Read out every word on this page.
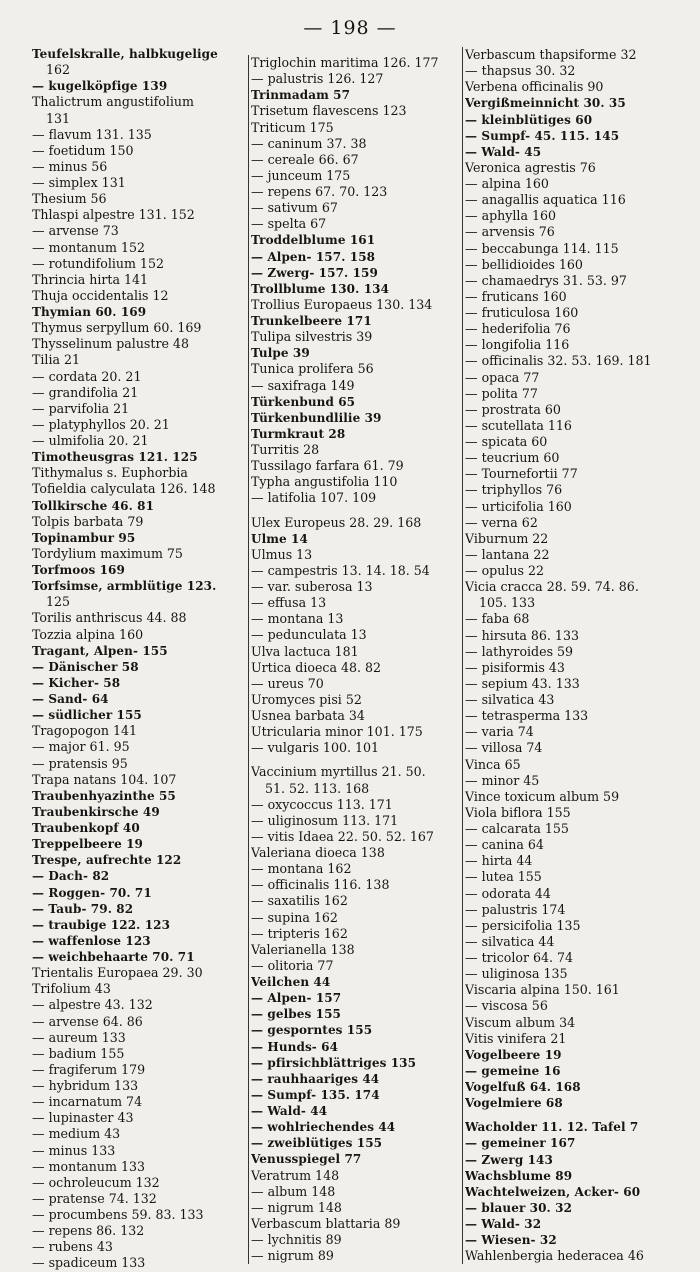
— 198 —
Teufelskralle, halbkugelige
162
— kugelköpfige 139
Thalictrum angustifolium
131
— flavum 131. 135
— foetidum 150
— minus 56
— simplex 131
Thesium 56
Thlaspi alpestre 131. 152
— arvense 73
— montanum 152
— rotundifolium 152
Thrincia hirta 141
Thuja occidentalis 12
Thymian 60. 169
Thymus serpyllum 60. 169
Thysselinum palustre 48
Tilia 21
— cordata 20. 21
— grandifolia 21
— parvifolia 21
— platyphyllos 20. 21
— ulmifolia 20. 21
Timotheusgras 121. 125
Tithymalus s. Euphorbia
Tofieldia calyculata 126. 148
Tollkirsche 46. 81
Tolpis barbata 79
Topinambur 95
Tordylium maximum 75
Torfmoos 169
Torfsimse, armblütige 123.
125
Torilis anthriscus 44. 88
Tozzia alpina 160
Tragant, Alpen- 155
— Dänischer 58
— Kicher- 58
— Sand- 64
— südlicher 155
Tragopogon 141
— major 61. 95
— pratensis 95
Trapa natans 104. 107
Traubenhyazinthe 55
Traubenkirsche 49
Traubenkopf 40
Treppelbeere 19
Trespe, aufrechte 122
— Dach- 82
— Roggen- 70. 71
— Taub- 79. 82
— traubige 122. 123
— waffenlose 123
— weichbehaarte 70. 71
Trientalis Europaea 29. 30
Trifolium 43
— alpestre 43. 132
— arvense 64. 86
— aureum 133
— badium 155
— fragiferum 179
— hybridum 133
— incarnatum 74
— lupinaster 43
— medium 43
— minus 133
— montanum 133
— ochroleucum 132
— pratense 74. 132
— procumbens 59. 83. 133
— repens 86. 132
— rubens 43
— spadiceum 133
Triglochin maritima 126. 177
— palustris 126. 127
Trinmadam 57
Trisetum flavescens 123
Triticum 175
— caninum 37. 38
— cereale 66. 67
— junceum 175
— repens 67. 70. 123
— sativum 67
— spelta 67
Troddelblume 161
— Alpen- 157. 158
— Zwerg- 157. 159
Trollblume 130. 134
Trollius Europaeus 130. 134
Trunkelbeere 171
Tulipa silvestris 39
Tulpe 39
Tunica prolifera 56
— saxifraga 149
Türkenbund 65
Türkenbundlilie 39
Turmkraut 28
Turritis 28
Tussilago farfara 61. 79
Typha angustifolia 110
— latifolia 107. 109
Ulex Europeus 28. 29. 168
Ulme 14
Ulmus 13
— campestris 13. 14. 18. 54
— var. suberosa 13
— effusa 13
— montana 13
— pedunculata 13
Ulva lactuca 181
Urtica dioeca 48. 82
— ureus 70
Uromyces pisi 52
Usnea barbata 34
Utricularia minor 101. 175
— vulgaris 100. 101
Vaccinium myrtillus 21. 50.
51. 52. 113. 168
— oxycoccus 113. 171
— uliginosum 113. 171
— vitis Idaea 22. 50. 52. 167
Valeriana dioeca 138
— montana 162
— officinalis 116. 138
— saxatilis 162
— supina 162
— tripteris 162
Valerianella 138
— olitoria 77
Veilchen 44
— Alpen- 157
— gelbes 155
— gesporntes 155
— Hunds- 64
— pfirsichblättriges 135
— rauhhaariges 44
— Sumpf- 135. 174
— Wald- 44
— wohlriechendes 44
— zweiblütiges 155
Venusspiegel 77
Veratrum 148
— album 148
— nigrum 148
Verbascum blattaria 89
— lychnitis 89
— nigrum 89
Verbascum thapsiforme 32
— thapsus 30. 32
Verbena officinalis 90
Vergißmeinnicht 30. 35
— kleinblütiges 60
— Sumpf- 45. 115. 145
— Wald- 45
Veronica agrestis 76
— alpina 160
— anagallis aquatica 116
— aphylla 160
— arvensis 76
— beccabunga 114. 115
— bellidioides 160
— chamaedrys 31. 53. 97
— fruticans 160
— fruticulosa 160
— hederifolia 76
— longifolia 116
— officinalis 32. 53. 169. 181
— opaca 77
— polita 77
— prostrata 60
— scutellata 116
— spicata 60
— teucrium 60
— Tournefortii 77
— triphyllos 76
— urticifolia 160
— verna 62
Viburnum 22
— lantana 22
— opulus 22
Vicia cracca 28. 59. 74. 86.
105. 133
— faba 68
— hirsuta 86. 133
— lathyroides 59
— pisiformis 43
— sepium 43. 133
— silvatica 43
— tetrasperma 133
— varia 74
— villosa 74
Vinca 65
— minor 45
Vince toxicum album 59
Viola biflora 155
— calcarata 155
— canina 64
— hirta 44
— lutea 155
— odorata 44
— palustris 174
— persicifolia 135
— silvatica 44
— tricolor 64. 74
— uliginosa 135
Viscaria alpina 150. 161
— viscosa 56
Viscum album 34
Vitis vinifera 21
Vogelbeere 19
— gemeine 16
Vogelfuß 64. 168
Vogelmiere 68
Wacholder 11. 12. Tafel 7
— gemeiner 167
— Zwerg 143
Wachsblume 89
Wachtelweizen, Acker- 60
— blauer 30. 32
— Wald- 32
— Wiesen- 32
Wahlenbergia hederacea 46
